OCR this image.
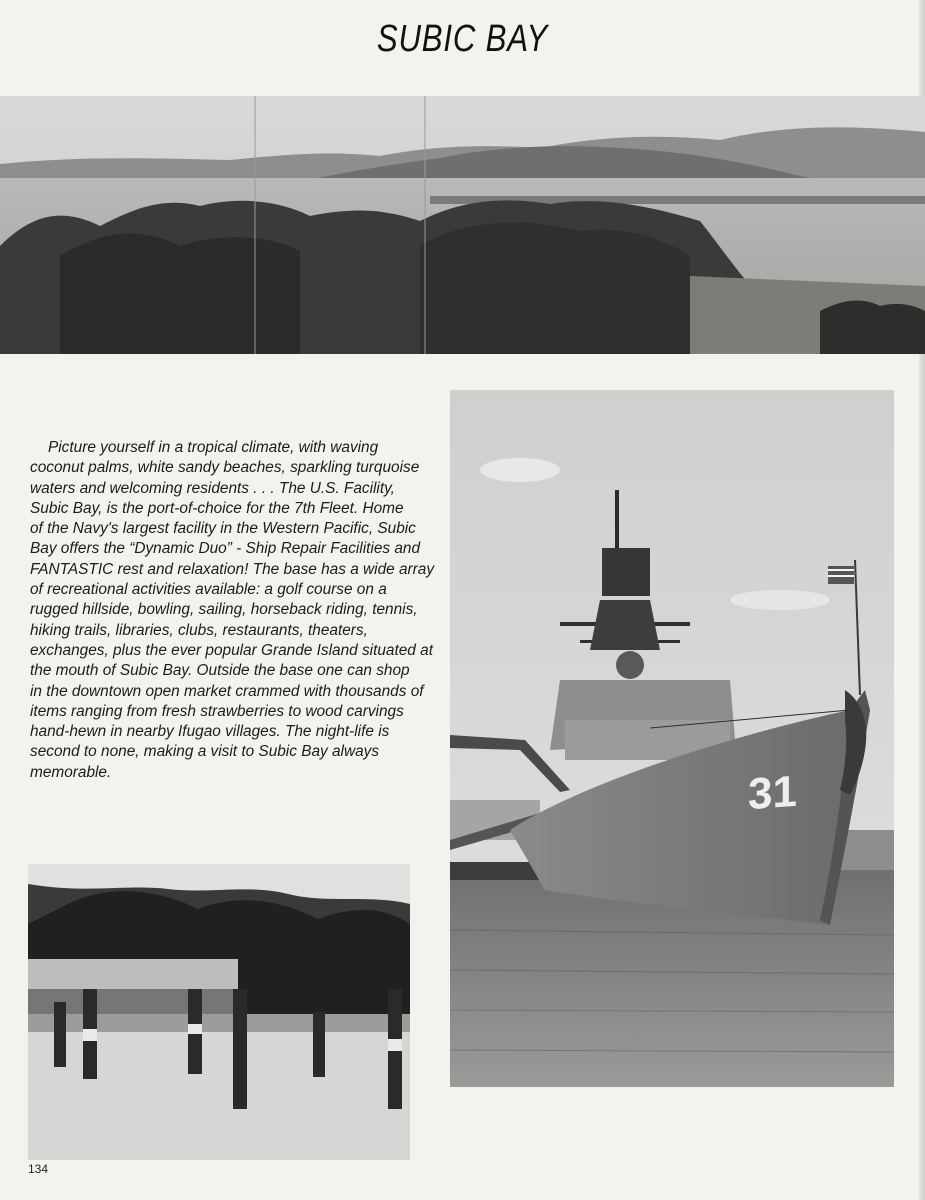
SUBIC BAY
Picture yourself in a tropical climate, with waving
coconut palms, white sandy beaches, sparkling turquoise
waters and welcoming residents . . . The U.S. Facility,
Subic Bay, is the port-of-choice for the 7th Fleet. Home
of the Navy's largest facility in the Western Pacific, Subic
Bay offers the “Dynamic Duo” - Ship Repair Facilities and
FANTASTIC rest and relaxation! The base has a wide array
of recreational activities available: a golf course on a
rugged hillside, bowling, sailing, horseback riding, tennis,
hiking trails, libraries, clubs, restaurants, theaters,
exchanges, plus the ever popular Grande Island situated at
the mouth of Subic Bay. Outside the base one can shop
in the downtown open market crammed with thousands of
items ranging from fresh strawberries to wood carvings
hand-hewn in nearby Ifugao villages. The night-life is
second to none, making a visit to Subic Bay always
memorable.	31
134
